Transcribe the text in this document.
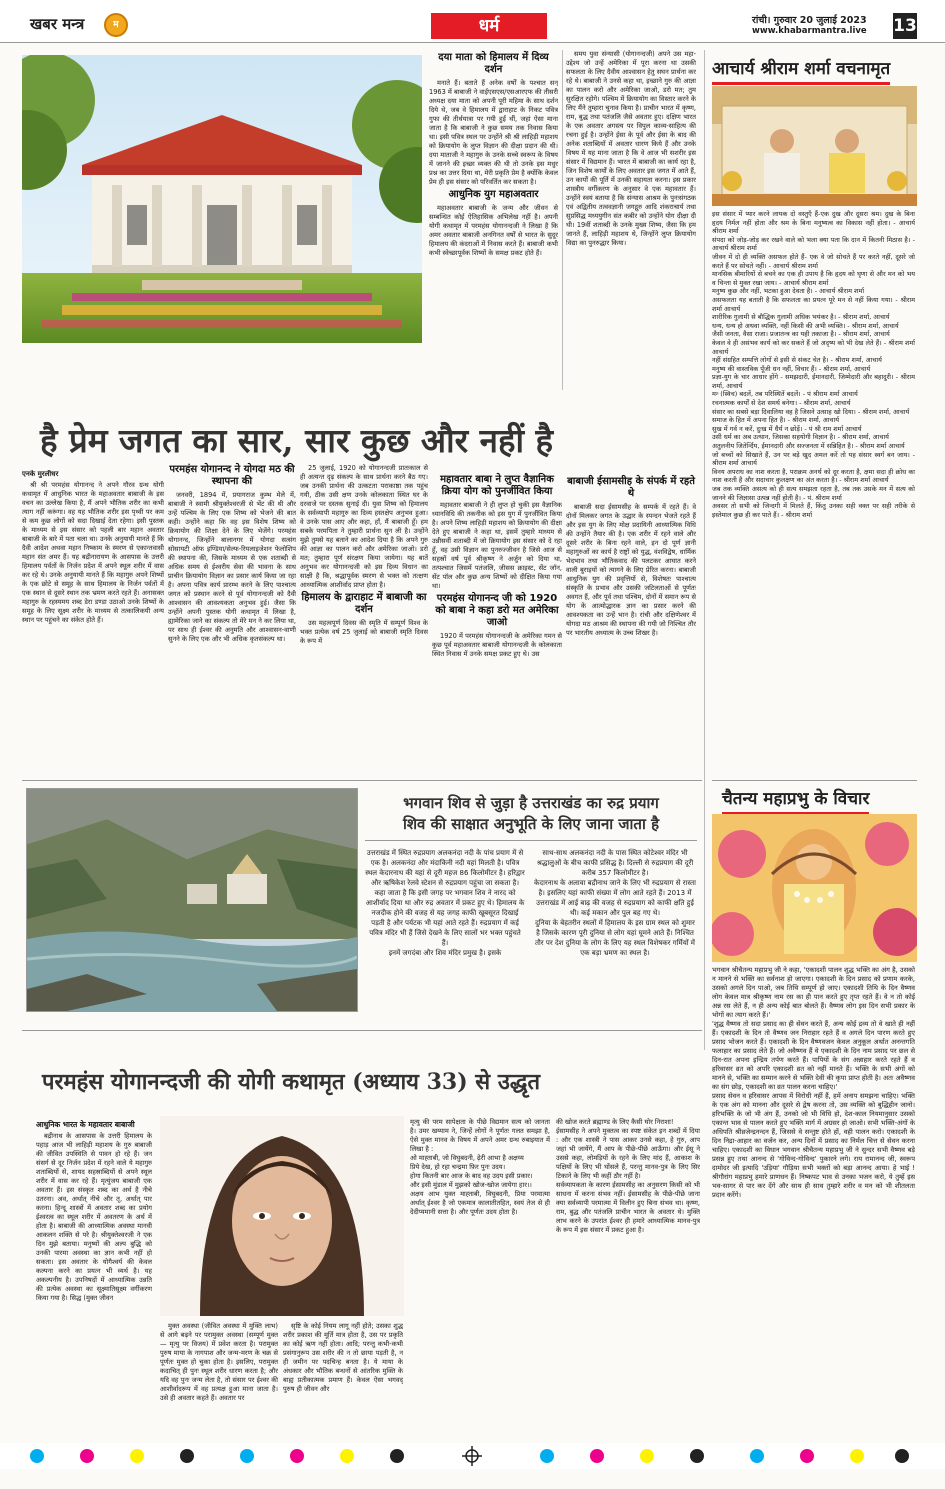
खबर मन्त्र	म	धर्म	रांची। गुरुवार 20 जुलाई 2023
www.khabarmantra.live 13
दया माता को हिमालय में दिव्य दर्शन

मनाते हैं। बताते हैं अनेक वर्षों के पश्चात सन् 1963 में बाबाजी ने वाईएसएस/एसआरएफ की तीसरी अध्यक्ष दया माता को अपनी पूरी महिमा के साथ दर्शन दिये थे, जब वे हिमालय में द्वाराहाट के निकट पवित्र गुफा की तीर्थयात्रा पर गयी हुईं थीं, जहां ऐसा माना जाता है कि बाबाजी ने कुछ समय तक निवास किया था। इसी पवित्र स्थल पर उन्होंने श्री श्री लाहिड़ी महाशय को क्रियायोग के लुप्त विज्ञान की दीक्षा प्रदान की थी। दया माताजी ने महागुरु के उनके सच्चे स्वरूप के विषय में जानने की इच्छा व्यक्त की थी तो उनके इस मधुर प्रश्न का उत्तर दिया था, मेरी प्रकृति प्रेम है क्योंकि केवल प्रेम ही इस संसार को परिवर्तित कर सकता है।

आधुनिक युग महाअवतार

महाअवतार बाबाजी के जन्म और जीवन से सम्बन्धित कोई ऐतिहासिक अभिलेख नहीं है। अपनी योगी कथामृत में परमहंस योगानन्दजी ने लिखा है कि अमर अवतार बाबाजी अनगिनत वर्षों से भारत के सुदूर हिमालय की कंदराओं में निवास करते हैं। बाबाजी कभी कभी स्वेच्छापूर्वक शिष्यों के समक्ष प्रकट होते हैं।

समय युवा संन्यासी (योगानन्दजी) अपने उस महा-उद्देश्य जो उन्हें अमेरिका में पूरा करना था उसकी सफलता के लिए दैवीय आश्वासन हेतु सघन प्रार्थना कर रहे थे। बाबाजी ने उनसे कहा था, इच्छाने गुरु की आज्ञा का पालन करो और अमेरिका जाओ, डरो मत; तुम सुरक्षित रहोगे। पश्चिम में क्रियायोग का विस्तार करने के लिए मैंने तुम्हारा चुनाव किया है। प्राचीन भारत में कृष्ण, राम, बुद्ध तथा पतंजलि जैसे अवतार हुए। दक्षिण भारत के एक अवतार अगस्त्य पर विपुल काव्य-साहित्य की रचना हुई है। उन्होंने ईसा के पूर्व और ईसा के बाद की अनेक शताब्दियों में अवतार धारण किये हैं और उनके विषय में यह माना जाता है कि वे आज भी सशरीर इस संसार में विद्यमान हैं। भारत में बाबाजी का कार्य रहा है, जिन विशेष कार्यों के लिए अवतार इस जगत में आते हैं, उन कार्यों की पूर्ति में उनकी सहायता करना। इस प्रकार शास्त्रीय वर्गीकरण के अनुसार वे एक महावतार हैं। उन्होंने स्वयं बताया है कि संन्यास आश्रम के पुनःसंगठक एवं अद्वितीय तत्ववज्ञानी जगद्गुरु आदि शंकराचार्य तथा सुप्रसिद्ध मध्ययुगीन संत कबीर को उन्होंने योग दीक्षा दी थी। 19वीं शताब्दी के उनके मुख्य शिष्य, जैसा कि हम जानते हैं, लाहिड़ी महाशय थे, जिन्होंने लुप्त क्रियायोग विद्या का पुनरुद्धार किया।

है प्रेम जगत का सार, सार कुछ और नहीं है
एनके मुरलीधर

श्री श्री परमहंस योगानन्द ने अपने गौरव ग्रन्थ योगी कथामृत में आधुनिक भारत के महाअवतार बाबाजी के इस वचन का उल्लेख किया है, मैं अपने भौतिक शरीर का कभी त्याग नहीं करूंगा। वह यह भौतिक शरीर इस पृथ्वी पर कम से कम कुछ लोगों को सदा दिखाई देता रहेगा। इसी पुस्तक के माध्यम से इस संसार को पहली बार महान अवतार बाबाजी के बारे में पता चला था। उनके अनुयायी मानते हैं कि दैवी आदेश अथवा महान निष्काम के स्मरण से एकान्तवासी महान संत अमर हैं। यह बद्रीनारायण के आसपास के उत्तरी हिमालय पर्वतों के निर्जन प्रदेश में अपने स्थूल शरीर में वास कर रहे थे। उनके अनुयायी मानते हैं कि महागुरु अपने शिष्यों के एक छोटे से समूह के साथ हिमालय के निर्जन पर्वतों में एक स्थान से दूसरे स्थान तक भ्रमण करते रहते हैं। अनासक्त महागुरु के रहस्यमय शब्द डेरा डण्डा उठाओ उनके शिष्यों के समूह के लिए सूक्ष्म शरीर के माध्यम से तत्कालिकयी अन्य स्थान पर पहुंचने का संकेत होते हैं।

परमहंस योगानन्द ने योगदा मठ की स्थापना की

जनवरी, 1894 में, प्रयागराज कुम्भ मेले में, बाबाजी ने स्वामी श्रीयुक्तेश्वरजी से भेंट की थी और उन्हें पश्चिम के लिए एक शिष्य को भेजने की बात कही। उन्होंने कहा कि वह इस विशेष शिष्य को क्रियायोग की शिक्षा देने के लिए भेजेंगे। परमहंस योगानन्द, जिन्होंने बालानगर में योगदा सत्संग सोसायटी ऑफ इण्डिया/सेल्फ-रियलाइजेशन फेलोशिप की स्थापना की, जिसके माध्यम से एक शताब्दी से अधिक समय से ईश्वरीय सेवा की भावना के साथ प्राचीन क्रियायोग विज्ञान का प्रसार कार्य किया जा रहा है। अपना पवित्र कार्य प्रारम्भ करने के लिए पाश्चात्य जगत को प्रस्थान करने से पूर्व योगानन्दजी को दैवी आश्वासन की आवश्यकता अनुभव हुई। जैसा कि उन्होंने अपनी पुस्तक योगी कथामृत में लिखा है, ह्यामेरिका जाने का संकल्प तो मेरे मन ने कर लिया था, पर साथ ही ईश्वर की अनुमति और आश्वासन-वाणी सुनने के लिए एक और भी अधिक कृतसंकल्प था।

25 जुलाई, 1920 को योगानन्दजी प्रातःकाल से ही अत्यन्त दृढ़ संकल्प के साथ प्रार्थना करने बैठ गए। जब उनकी प्रार्थना की उत्कटता पराकाष्ठा तक पहुंच गयी, ठीक उसी क्षण उनके कोलकाता स्थित घर के दरवाजे पर दस्तक सुनाई दी। युवा शिष्य को हिमालय के सर्वव्यापी महागुरु का दिव्य हस्तक्षेप अनुभव हुआ। वे उनके पास आए और कहा, हाँ, मैं बाबाजी हूँ। हम सबके परमपिता ने तुम्हारी प्रार्थना सुन ली है। उन्होंने मुझे तुमसे यह बताने का आदेश दिया है कि अपने गुरु की आज्ञा का पालन करो और अमेरिका जाओ। डरो मत; तुम्हारा पूर्ण संरक्षण किया जायेगा। यह बातें अनुभव कर योगानन्दजी को इस दिव्य विधान का साक्षी है कि, श्रद्धापूर्वक स्मरण से भक्त को तत्क्षण आध्यात्मिक आशीर्वाद प्राप्त होता है।

हिमालय के द्वाराहाट में बाबाजी का दर्शन

उस महत्वपूर्ण दिवस की स्मृति में सम्पूर्ण विश्व के भक्त प्रत्येक वर्ष 25 जुलाई को बाबाजी स्मृति दिवस के रूप में

महावतार बाबा ने लुप्त वैज्ञानिक क्रिया योग को पुनर्जीवित किया

महावतार बाबाजी ने ही लुप्त हो चुकी इस वैज्ञानिक ध्यानविधि की तकनीक को इस युग में पुनर्जीवित किया है। अपने शिष्य लाहिड़ी महाशय को क्रियायोग की दीक्षा देते हुए बाबाजी ने कहा था, इसमें तुम्हारे माध्यम से उन्नीसवीं शताब्दी में जो क्रियायोग इस संसार को दे रहा हूँ, वह उसी विज्ञान का पुनरुज्जीवन है जिसे आज से सहस्रों वर्ष पूर्व श्रीकृष्ण ने अर्जुन को दिया था, तत्पश्चात जिसमें पतंजलि, जीसस क्राइस्ट, सेंट जॉन, सेंट पॉल और कुछ अन्य शिष्यों को दीक्षित किया गया था।

परमहंस योगानन्द जी को 1920 को बाबा ने कहा डरो मत अमेरिका जाओ

1920 में परमहंस योगानन्दजी के अमेरिका गमन से कुछ पूर्व महाअवतार बाबाजी योगानन्दजी के कोलकाता स्थित निवास में उनके समक्ष प्रकट हुए थे। उस

बाबाजी ईसामसीह के संपर्क में रहते थे

बाबाजी सदा ईसामसीह के सम्पर्क में रहते हैं। वे दोनों मिलकर जगत के उद्धार के स्पन्दन भेजते रहते हैं और इस युग के लिए मोक्ष प्रदायिनी आध्यात्मिक विधि की उन्होंने तैयार की है। एक शरीर में रहने वाले और दूसरे शरीर के बिना रहने वाले, इन दो पूर्ण ज्ञानी महागुरुओं का कार्य है राष्ट्रों को युद्ध, वंशविद्वेष, धार्मिक भेदभाव तथा भौतिकवाद की पलटकर आघात करने वाली बुराइयों को त्यागने के लिए प्रेरित करना। बाबाजी आधुनिक युग की प्रवृत्तियों से, विशेषतः पाश्चात्य संस्कृति के प्रभाव और उसकी जटिलताओं से पूर्णतः अवगत हैं, और पूर्व तथा पश्चिम, दोनों में समान रूप से योग के आत्मोद्धारक ज्ञान का प्रसार करने की आवश्यकता का उन्हें भान है। रांची और दक्षिणेश्वर में योगदा मठ आश्रम की स्थापना की गयी जो निश्चित तौर पर भारतीय अध्यात्म के उच्च शिखर है।

आचार्य श्रीराम शर्मा वचनामृत
इस संसार में प्यार करने लायक दो वस्तुएँ हैं-एक दुख और दूसरा श्रम। दुख के बिना हृदय निर्मल नहीं होता और श्रम के बिना मनुष्यत्व का विकास नहीं होता। - आचार्य श्रीराम शर्मा
संपदा को जोड़-जोड़ कर रखने वाले को भला क्या पता कि दान में कितनी मिठास है। - आचार्य श्रीराम शर्मा
जीवन में दो ही व्यक्ति असफल होते हैं- एक वे जो सोचते हैं पर करते नहीं, दूसरे जो करते हैं पर सोचते नहीं। - आचार्य श्रीराम शर्मा
मानसिक बीमारियों से बचने का एक ही उपाय है कि हृदय को घृणा से और मन को भय व चिन्ता से मुक्त रखा जाय। - आचार्य श्रीराम शर्मा
मनुष्य कुछ और नहीं, भटका हुआ देवता है। - आचार्य श्रीराम शर्मा
असफलता यह बताती है कि सफलता का प्रयत्न पूरे मन से नहीं किया गया। - श्रीराम शर्मा आचार्य
शारीरिक गुलामी से बौद्धिक गुलामी अधिक भयंकर है। - श्रीराम शर्मा, आचार्य
धन्य, धन्य हो अथवा व्यक्ति, नहीं किसी की अभी व्यक्ति। - श्रीराम शर्मा, आचार्य
जैसी जनता, वैसा राजा। प्रजातन्त्र का यही तकाजा है। - श्रीराम शर्मा, आचार्य
केवल वे ही असंभव कार्य को कर सकते हैं जो अदृष्य को भी देख लेते हैं। - श्रीराम शर्मा आचार्य
नहीं संग्रहित सम्पत्ति लोगों से इसी से संकट चेत है। - श्रीराम शर्मा, आचार्य
मनुष्य की वास्तविक पूँजी धन नहीं, विचार हैं। - श्रीराम शर्मा, आचार्य
प्रज्ञा-युग के चार आधार होंगे - समझदारी, ईमानदारी, जिम्मेदारी और बहादुरी। - श्रीराम शर्मा, आचार्य
मन्‍ (स्विच) बदलें, तब परिस्थितें बदलें। - पं श्रीराम शर्मा आचार्य
रचनात्मक कार्यों से देश समर्थ बनेगा। - श्रीराम शर्मा, आचार्य
संसार का सबसे बड़ा दिवालिया वह है जिसने उत्साह खो दिया। - श्रीराम शर्मा, आचार्य
समाज के हित में अपना हित है। - श्रीराम शर्मा, आचार्य
सुख में गर्व न करें, दुःख में धैर्य न छोड़ें। - पं श्री राम शर्मा आचार्य
उसी धर्म का अब उत्थान, जिसका सहयोगी विज्ञान है। - श्रीराम शर्मा, आचार्य
अतुलनीय जितेर्न्दिय, ईमानदारी और सज्जनता में सन्निहित है। - श्रीराम शर्मा आचार्य
जो बच्चों को सिखाते हैं, उन पर बड़े खुद अमल करें तो यह संसार स्वर्ग बन जाय। - श्रीराम शर्मा आचार्य
विनय अपराध का नाश करता है, पराक्रम अनर्थ को दूर करता है, क्षमा सदा ही क्रोध का नाश करती है और सदाचार कुलक्षण का अंत करता है। - श्रीराम शर्मा आचार्य
जब तक व्यक्ति असत्य को ही सत्य समझता रहता है, तब तक उसके मन में सत्य को जानने की जिज्ञासा उत्पन्न नहीं होती है। - पं. श्रीराम शर्मा
अवसर तो सभी को जिन्दगी में मिलते हैं, किंतु उनका सही वक्त पर सही तरीके से इस्तेमाल कुछ ही कर पाते हैं। - श्रीराम शर्मा
चैतन्य महाप्रभु के विचार
भगवान श्रीचैतन्य महाप्रभु जी ने कहा, 'एकादशी पालन शुद्ध भक्ति का अंग है, उसको न मानने से भक्ति का सर्वनाश हो जाएगा। एकादशी के दिन प्रसाद को प्रणाम करके, उसको अगले दिन पाओ, जब तिथि सम्पूर्ण हो जाए। एकादशी तिथि के दिन वैष्णव लोग केवल मात्र श्रीकृष्ण नाम रस का ही पान करते हुए तृप्त रहते हैं। वे न तो कोई अन्न रस लेते हैं, न ही अन्य कोई बात बोलते हैं। वैष्णव लोग इस दिन सभी प्रकार के भोगों का त्याग करते हैं।'
'शुद्ध वैष्णव तो सदा प्रसाद का ही सेवन करते हैं, अन्य कोई द्रव्य तो वे खाते ही नहीं हैं। एकादशी के दिन तो वैष्णव जन निराहार रहते हैं व अगले दिन पारण करते हुए प्रसाद भोजन करते हैं। एकादशी के दिन वैष्णवजन केवल अनुकूल अर्थात अनन्तगति फलाहार का प्रसाद लेते हैं। जो अवैष्णव हैं वे एकादशी के दिन नाम प्रसाद पर छल से दिन-रात अपना इन्द्रिय तर्पण करते हैं। पापियों के संग अन्नाहार करते रहते हैं व हरिवासर व्रत को अपरि एकादशी व्रत को नहीं मानते हैं। भक्ति के सभी अंगों को मानने से, भक्ति का सम्मान करने से भक्ति देवी की कृपा प्राप्त होती है। अतः अवैष्णव का संग छोड़, एकादशी का व्रत पालन करना चाहिए।'
प्रसाद सेवन व हरिवासर आपस में विरोधी नहीं हैं, हमें अनाप समझना चाहिए। भक्ति के एक अंग को मानना और दूसरे से द्वेष करना तो, उस व्यक्ति को बुद्धिहीन जानो। हरिभक्ति के जो भी अंग हैं, उनको जो भी विधि हो, देश-काल नियमानुसार उसको एकान्त भाव से पालन करते हुए भक्ति मार्ग में अग्रसर हो जाओ। सभी भक्ति-अंगों के अधिपति श्रीव्रजेन्द्रनन्दन हैं, जिससे वे सन्तुष्ट होते हों, वही पालन करो। एकादशी के दिन निद्रा-आहार का वर्जन कर, अन्य दिनों में प्रसाद का निर्मल चित्त से सेवन करना चाहिए। एकादशी का विधान भगवान श्रीचैतन्य महाप्रभु जी ने सुन्दर सभी वैष्णव बड़े प्रसन्न हुए तथा आनन्द से 'गोविन्द-गोविन्द' पुकारने लगे। राय रामानन्द जी, स्वरूप दामोदर जी इत्यादि 'उड़िया' गौड़िया सभी भक्तों को बड़ा आनन्द आया। हे भाई ! श्रीगौरांग महाप्रभु हमारे प्राणधन हैं। निष्कपट भाव से उनका भजन करो, ये तुम्हें इस भव-सागर से पार कर देंगे और साथ ही साथ तुम्हारे शरीर व मन को भी शीतलता प्रदान करेंगे।
भगवान शिव से जुड़ा है उत्तराखंड का रुद्र प्रयाग
शिव की साक्षात अनुभूति के लिए जाना जाता है
उत्तराखंड में स्थित रुद्रप्रयाग अलकनंदा नदी के पांच प्रयाग में से एक है। अलकनंदा और मंदाकिनी नदी यहां मिलती है। पवित्र स्थल केदारनाथ की यहां से दूरी महज 86 किलोमीटर है। हरिद्वार और ऋषिकेश रेलवे स्टेशन से रुद्रप्रयाग पहुंचा जा सकता है।
कहा जाता है कि इसी जगह पर भगवान शिव ने नारद को आशीर्वाद दिया था और रुद्र अवतार में प्रकट हुए थे। हिमालय के नजदीक होने की वजह से यह जगह काफी खूबसूरत दिखाई पड़ती है और पर्यटक भी यहां आते रहते हैं। रुद्रप्रयाग में कई पवित्र मंदिर भी हैं जिसे देखने के लिए सालों भर भक्त पहुंचते हैं।
इनमें जगदंबा और शिव मंदिर प्रमुख है। इसके
साथ-साथ अलकनंदा नदी के पास स्थित कोटेश्वर मंदिर भी श्रद्धालुओं के बीच काफी प्रसिद्ध है। दिल्ली से रुद्रप्रयाग की दूरी करीब 357 किलोमीटर है।
केदारनाथ के अलावा बद्रीनाथ जाने के लिए भी रुद्रप्रयाग से रास्ता है। इसलिए यहां काफी संख्या में लोग आते रहते हैं। 2013 में उत्तराखंड में आई बाढ़ की वजह से रुद्रप्रयाग को काफी क्षति हुई थी। कई मकान और पुल बह गए थे।
दुनिया के बेहतरीन स्थलों में हिमालय के इस ग्राम स्थल को शुमार है जिसके कारण पूरी दुनिया से लोग यहां घूमने आते हैं। निश्चित तौर पर देश दुनिया के लोग के लिए यह स्थल विशेषकर गर्मियों में एक बड़ा भ्रमण का स्थल है।
परमहंस योगानन्दजी की योगी कथामृत (अध्याय 33) से उद्धृत
आधुनिक भारत के महावतार बाबाजी

बद्रीनाथ के आसपास के उत्तरी हिमालय के पहाड़ आज भी लाहिड़ी महाशय के गुरु बाबाजी की जीवित उपस्थिति से पावन हो रहे हैं। जन संसर्ग से दूर निर्जन प्रदेश में रहने वाले ये महागुरु शताब्दियों से, शायद सहस्राब्दियों से अपने स्थूल शरीर में वास कर रहे हैं। मृत्युंजय बाबाजी एक अवतार हैं। इस संस्कृत शब्द का अर्थ है नीचे उतरना। अव, अर्थात् नीचे और तृ, अर्थात् पार करना। हिन्दू शास्त्रों में अवतार शब्द का प्रयोग ईश्वरत्व का स्थूल शरीर में अवतरण के अर्थ में होता है। बाबाजी की आध्यात्मिक अवस्था मानवी आकलन शक्ति से परे है। श्रीयुक्तेश्वरजी ने एक दिन मुझे बताया। मनुष्यों की अल्प बुद्धि को उनकी पारमा अवस्था का ज्ञान कभी नहीं हो सकता। इस अवतार के योगैश्वर्य की केवल कल्पना करने का प्रयत्न भी व्यर्थ है। यह अकल्पनीय है। उपनिषदों में आध्यात्मिक उन्नति की प्रत्येक अवस्था का सूक्ष्मातिसूक्ष्म वर्गीकरण किया गया है। सिद्ध (मुक्त जीवन

मुक्त अवस्था (जीवित अवस्था में मुक्ति लाभ) से आगे बढ़ने पर परामुक्त अवस्था (सम्पूर्ण मुक्त — मृत्यु पर विजय) में प्रवेश करता है। परामुक्त पुरुष माया के नागपाश और जन्म-मरण के चक्र से पूर्णतः मुक्त हो चुका होता है। इसलिए, परामुक्त कदाचित् ही पुनः स्थूल शरीर धारण करता है; और यदि वह पुनः जन्म लेता है, तो संसार पर ईश्वर की आशीर्वादरूप में वह प्रत्यक्ष हुआ माना जाता है। उसे ही अवतार कहते हैं। अवतार पर

सृष्टि के कोई नियम लागू नहीं होते; उसका शुद्ध शरीर प्रकाश की मूर्ति मात्र होता है, उस पर प्रकृति का कोई ऋण नहीं होता। आदि; परन्तु कभी-कभी प्रसंगानुरूप उस शरीर की न तो छाया पड़ती है, न ही जमीन पर पदचिन्ह बनता है। ये माया के अंधकार और भौतिक बन्धनों से आंतरिक मुक्ति के बाह्य प्रतीकात्मक प्रमाण हैं। केवल ऐसा भगवद् पुरुष ही जीवन और

मृत्यु की परम सापेक्षता के पीछे विद्यमान सत्य को जानता है। उमर खय्याम ने, जिन्हें लोगों ने पूर्णतः गलत समझा है, ऐसे मुक्त मानव के विषय में अपने अमर ग्रन्थ रुबाइयात में लिखा है :
ओ माह्ताबी, जो विघुबदनी, ढ़ेरी आभा है अक्षय्य
प्रिये देख, हो रहा चन्द्रमा फ़िर पुनः उदय।
होगा कितनी बार आज के बाद वह उदय इसी प्रकार।
और इसी मुंडाल में मुझको खोज-खोज जायेगा हार।।
अक्षय आभ युक्त माह्ताबी, विघुबदनी, प्रिया परमात्मा अर्थात् ईश्वर है जो एकमात्र कालातीतहित, स्वयं तेज से ही देदीप्यमानी सत्ता है। और पूर्णतः उदय होता है।
की खोज करते ब्रह्माण्ड के लिए कैसी घोर निराशा!
ईसामसीह ने अपने मुक्तत्व का स्पष्ट संकेत इन शब्दों में दिया : और एक शास्त्री ने पास आकर उनसे कहा, हे गुरु, आप जहां भी जायेंगे, मैं आप के पीछे-पीछे आऊँगा। और ईसू ने उससे कहा, लोमड़ियों के रहने के लिए मांद हैं, आकाश के पक्षियों के लिए भी घोंसले हैं, परन्तु मानव-पुत्र के लिए सिर टिकाने के लिए भी कहीं ठौर नहीं है।
सर्वव्यापकता के कारण ईसामसीह का अनुसरण किसी को भी साधना में करना संभव नहीं। ईसामसीह के पीछे-पीछे जाना क्या सर्वव्यापी परमात्मा में विलीन हुए बिना संभव था। कृष्ण, राम, बुद्ध और पतंजलि प्राचीन भारत के अवतार थे। मुक्ति लाभ करने के उपरांत ईश्वर ही हमारे आध्यात्मिक मानव-पुत्र के रूप में इस संसार में प्रकट हुआ है।
